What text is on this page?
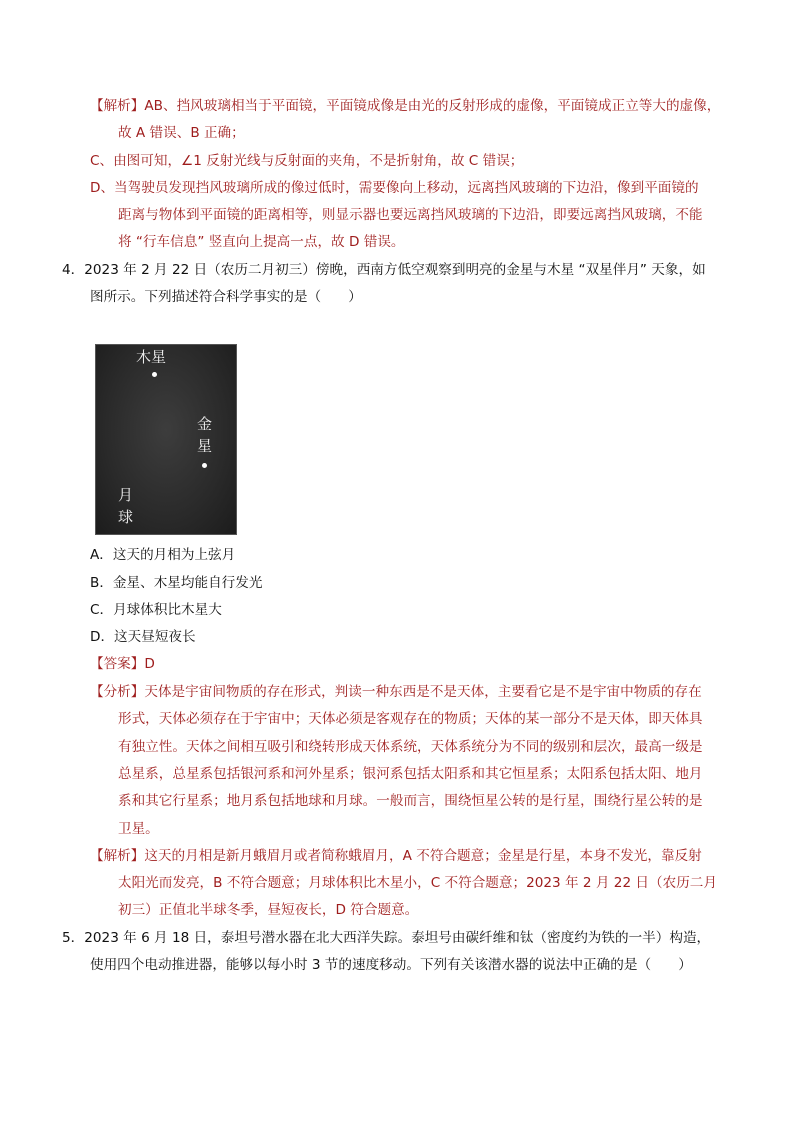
【解析】AB、挡风玻璃相当于平面镜，平面镜成像是由光的反射形成的虚像，平面镜成正立等大的虚像，
故 A 错误、B 正确；
C、由图可知，∠1 反射光线与反射面的夹角，不是折射角，故 C 错误；
D、当驾驶员发现挡风玻璃所成的像过低时，需要像向上移动，远离挡风玻璃的下边沿，像到平面镜的
距离与物体到平面镜的距离相等，则显示器也要远离挡风玻璃的下边沿，即要远离挡风玻璃，不能
将 “行车信息” 竖直向上提高一点，故 D 错误。
4．2023 年 2 月 22 日（农历二月初三）傍晚，西南方低空观察到明亮的金星与木星 “双星伴月” 天象，如
图所示。下列描述符合科学事实的是（　　）
木星
金
星
月
球
A．这天的月相为上弦月
B．金星、木星均能自行发光
C．月球体积比木星大
D．这天昼短夜长
【答案】D
【分析】天体是宇宙间物质的存在形式，判读一种东西是不是天体，主要看它是不是宇宙中物质的存在
形式，天体必须存在于宇宙中；天体必须是客观存在的物质；天体的某一部分不是天体，即天体具
有独立性。天体之间相互吸引和绕转形成天体系统，天体系统分为不同的级别和层次，最高一级是
总星系，总星系包括银河系和河外星系；银河系包括太阳系和其它恒星系；太阳系包括太阳、地月
系和其它行星系；地月系包括地球和月球。一般而言，围绕恒星公转的是行星，围绕行星公转的是
卫星。
【解析】这天的月相是新月蛾眉月或者简称蛾眉月，A 不符合题意；金星是行星，本身不发光，靠反射
太阳光而发亮，B 不符合题意；月球体积比木星小，C 不符合题意；2023 年 2 月 22 日（农历二月
初三）正值北半球冬季，昼短夜长，D 符合题意。
5．2023 年 6 月 18 日，泰坦号潜水器在北大西洋失踪。泰坦号由碳纤维和钛（密度约为铁的一半）构造，
使用四个电动推进器，能够以每小时 3 节的速度移动。下列有关该潜水器的说法中正确的是（　　）
